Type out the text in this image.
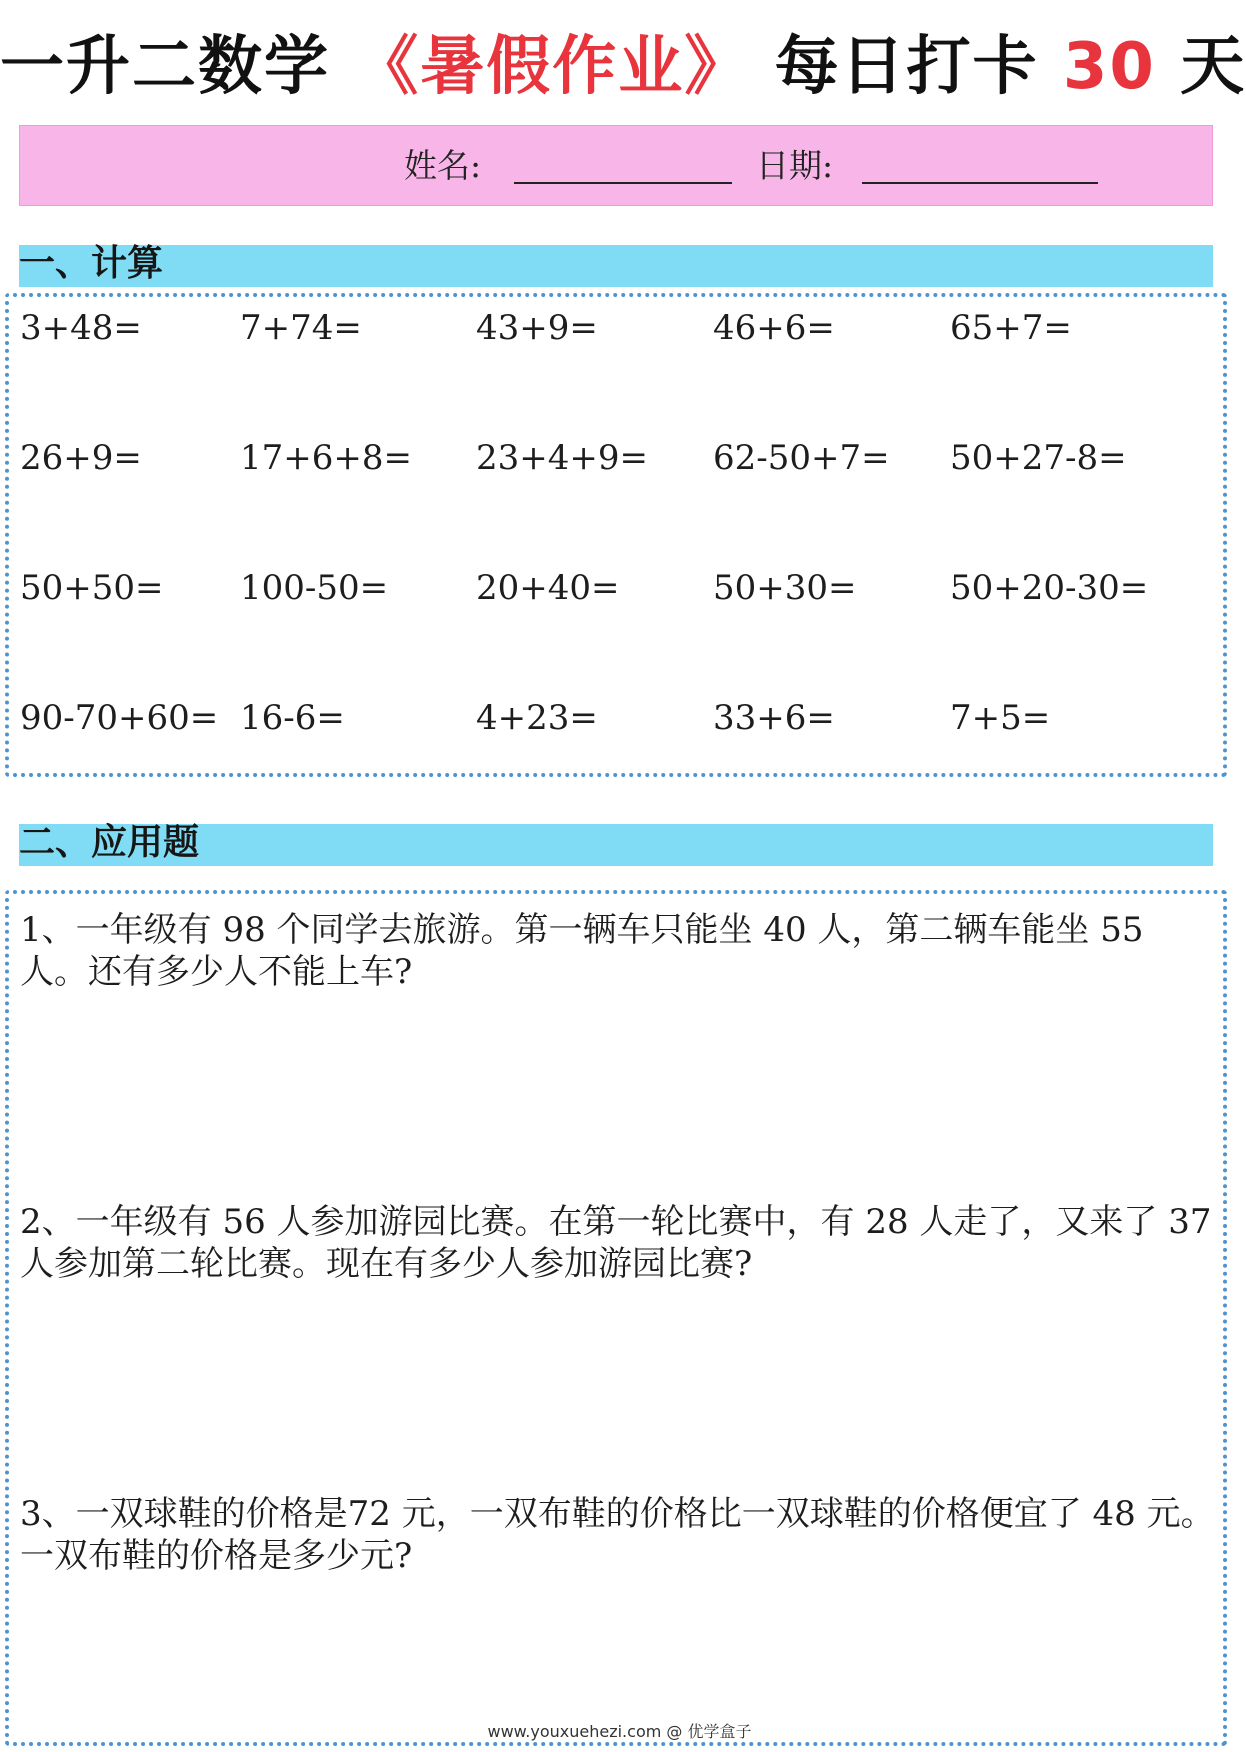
一升二数学 《暑假作业》 每日打卡 30 天
姓名:	日期:
一、计算
3+48=	7+74=	43+9=	46+6=	65+7=
26+9=	17+6+8= 23+4+9= 62-50+7= 50+27-8=
50+50= 100-50=	20+40=	50+30=	50+20-30=
90-70+60= 16-6=	4+23=	33+6=	7+5=
二、应用题
1、一年级有 98 个同学去旅游。第一辆车只能坐 40 人，第二辆车能坐 55 人。还有多少人不能上车?
2、一年级有 56 人参加游园比赛。在第一轮比赛中，有 28 人走了，又来了 37 人参加第二轮比赛。现在有多少人参加游园比赛?
3、一双球鞋的价格是72 元，一双布鞋的价格比一双球鞋的价格便宜了 48 元。一双布鞋的价格是多少元?
www.youxuehezi.com @ 优学盒子
